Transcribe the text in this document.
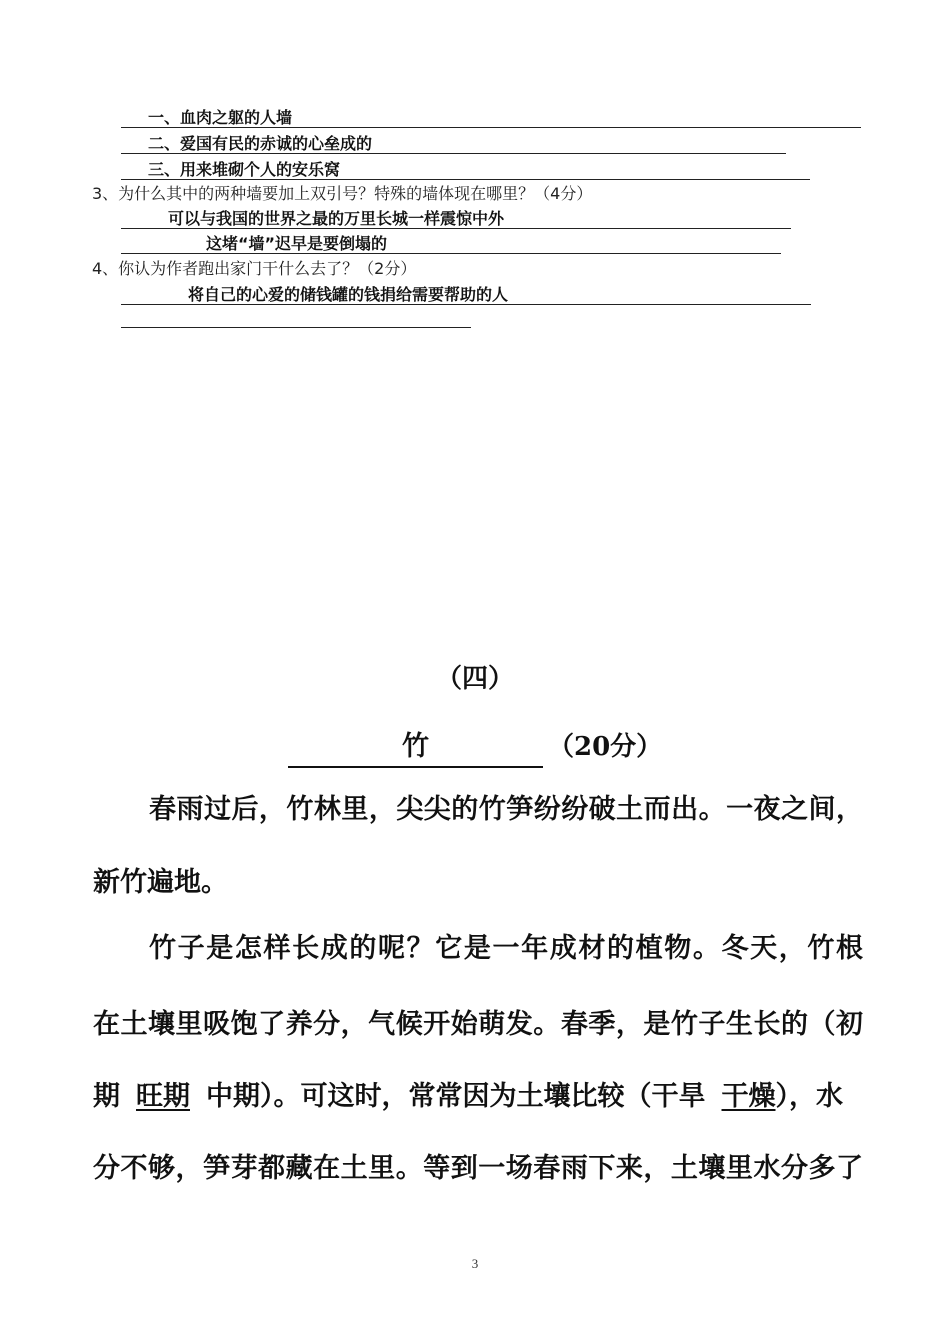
一、血肉之躯的人墙
二、爱国有民的赤诚的心垒成的
三、用来堆砌个人的安乐窝
3、为什么其中的两种墙要加上双引号？特殊的墙体现在哪里？（4分）
可以与我国的世界之最的万里长城一样震惊中外
这堵“墙”迟早是要倒塌的
4、你认为作者跑出家门干什么去了？（2分）
将自己的心爱的储钱罐的钱捐给需要帮助的人
（四）
竹	（20分）
春雨过后，竹林里，尖尖的竹笋纷纷破土而出。一夜之间，
新竹遍地。
竹子是怎样长成的呢？它是一年成材的植物。冬天，竹根
在土壤里吸饱了养分，气候开始萌发。春季，是竹子生长的（初
期 旺期 中期）。可这时，常常因为土壤比较（干旱 干燥），水
分不够，笋芽都藏在土里。等到一场春雨下来，土壤里水分多了
3
